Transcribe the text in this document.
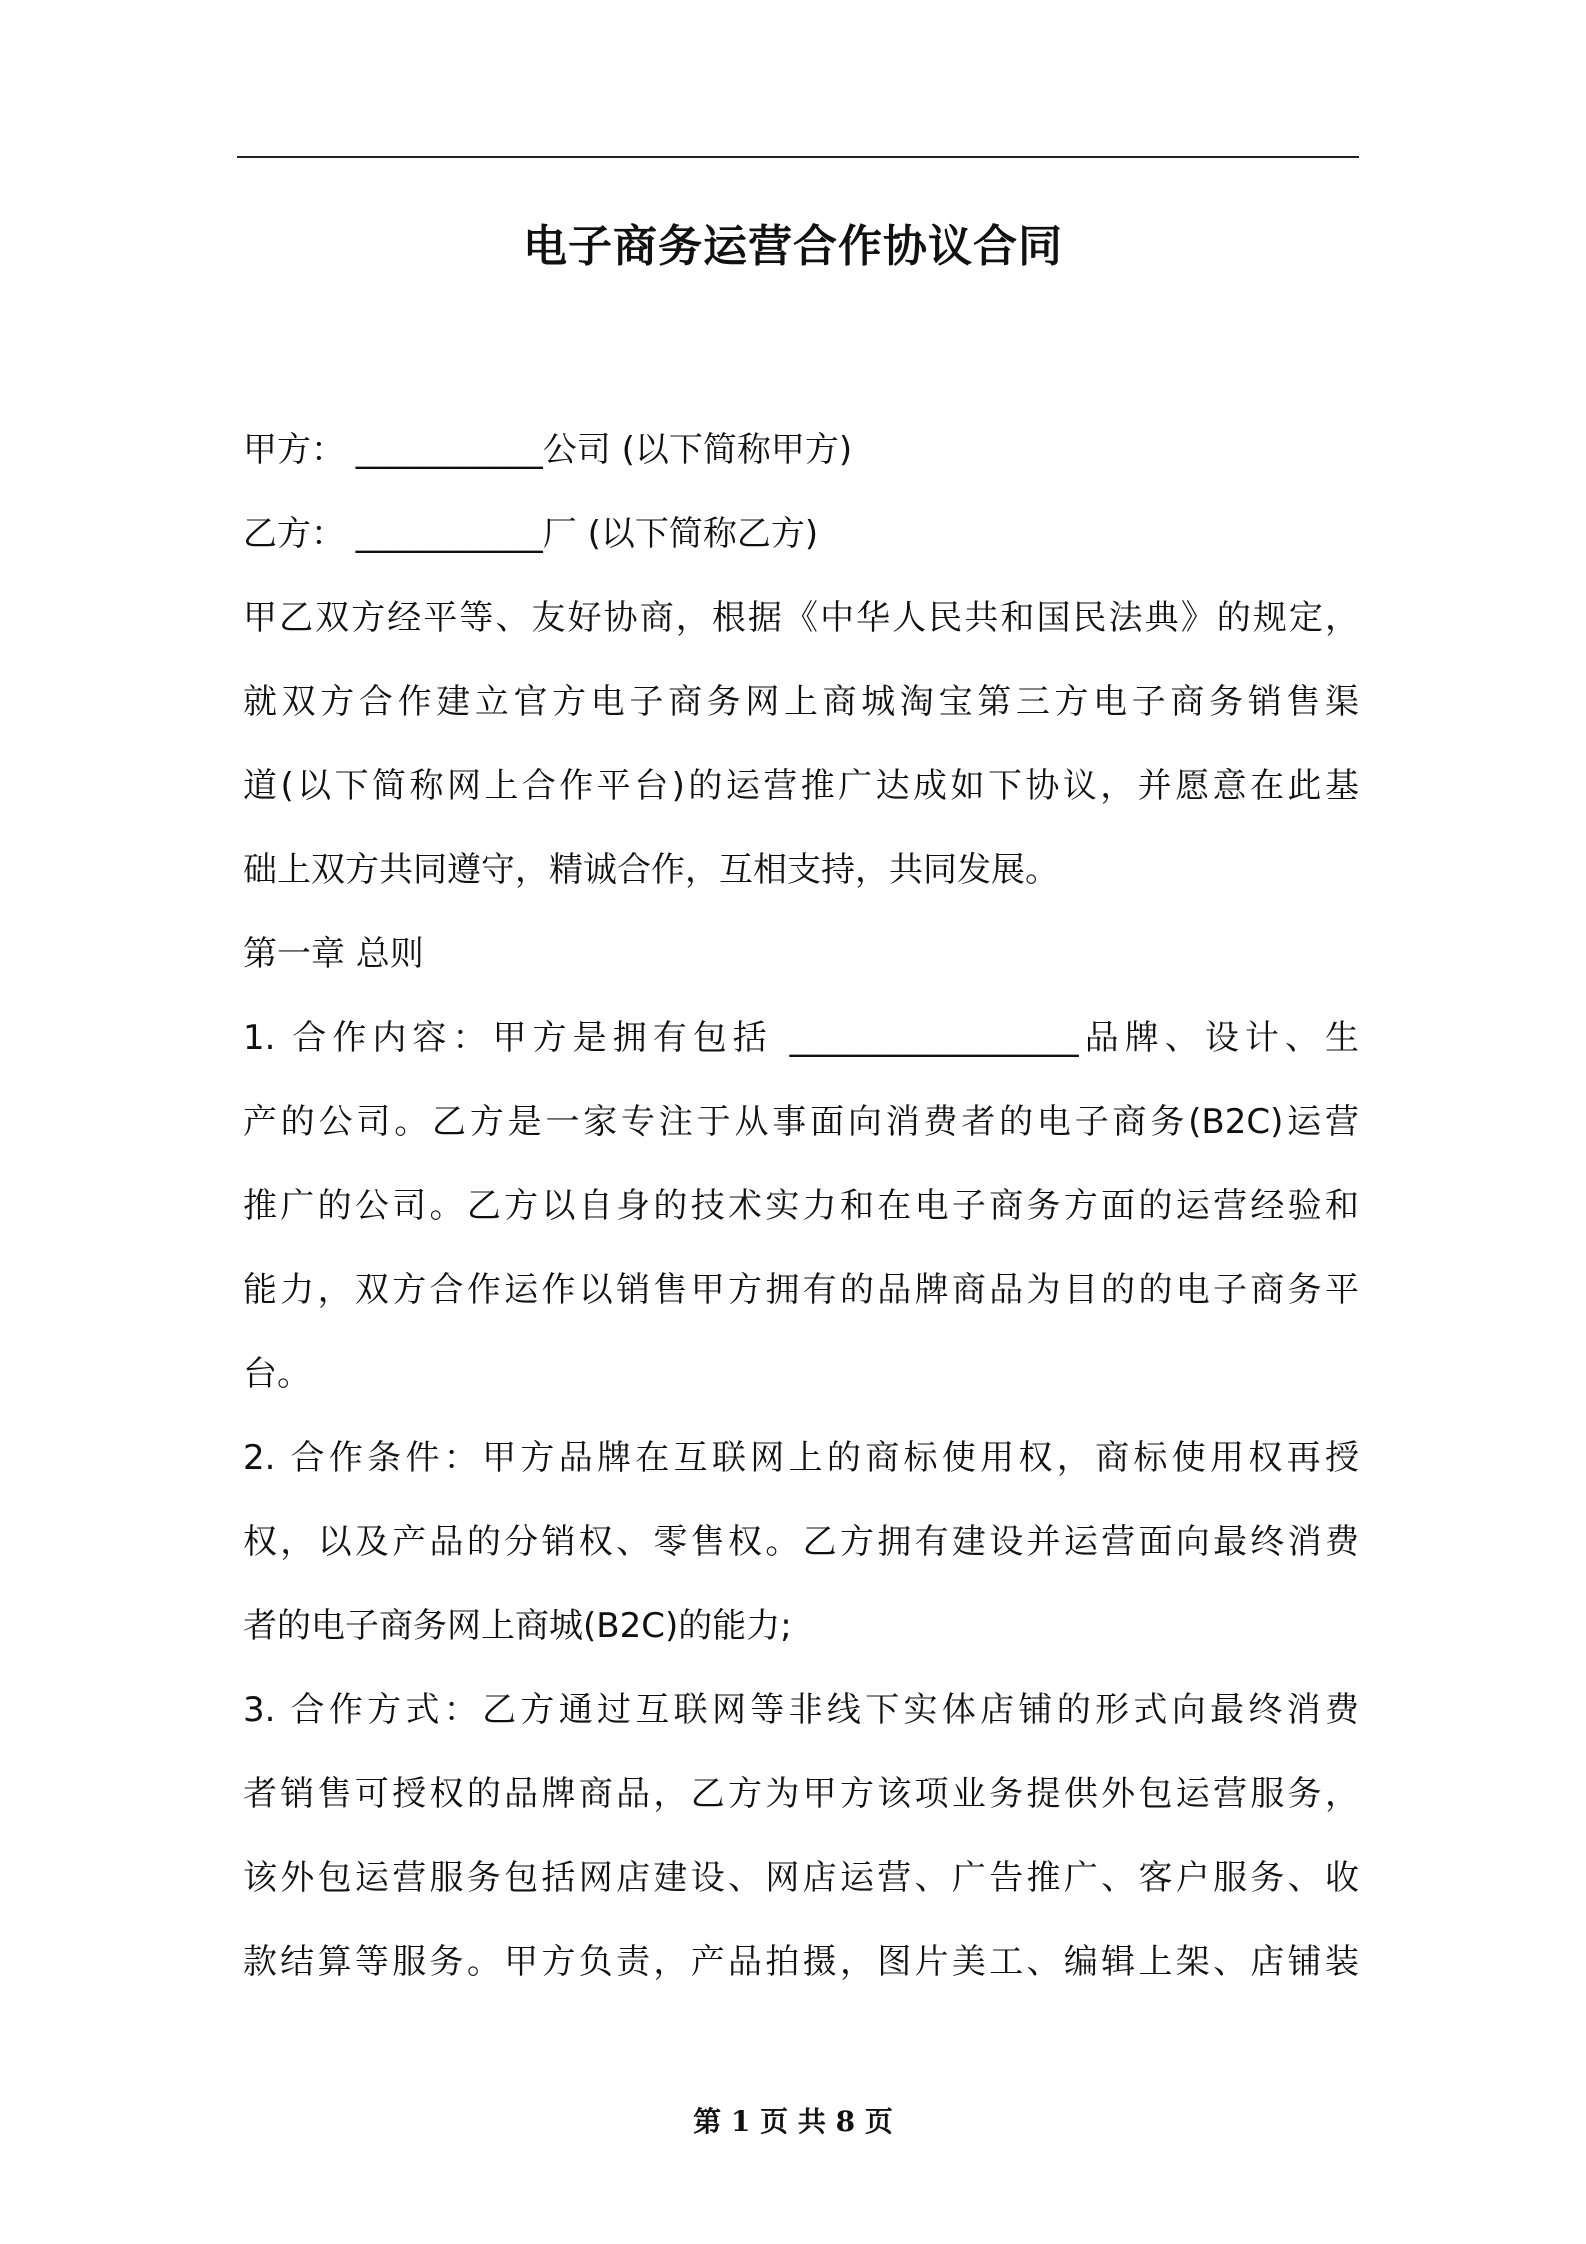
电子商务运营合作协议合同
甲方： ___________公司 (以下简称甲方)
乙方： ___________厂 (以下简称乙方)
甲乙双方经平等、友好协商，根据《中华人民共和国民法典》的规定，
就双方合作建立官方电子商务网上商城淘宝第三方电子商务销售渠
道(以下简称网上合作平台)的运营推广达成如下协议，并愿意在此基
础上双方共同遵守，精诚合作，互相支持，共同发展。
第一章 总则
1. 合作内容：甲方是拥有包括 _________________品牌、设计、生
产的公司。乙方是一家专注于从事面向消费者的电子商务(B2C)运营
推广的公司。乙方以自身的技术实力和在电子商务方面的运营经验和
能力，双方合作运作以销售甲方拥有的品牌商品为目的的电子商务平
台。
2. 合作条件：甲方品牌在互联网上的商标使用权，商标使用权再授
权，以及产品的分销权、零售权。乙方拥有建设并运营面向最终消费
者的电子商务网上商城(B2C)的能力;
3. 合作方式：乙方通过互联网等非线下实体店铺的形式向最终消费
者销售可授权的品牌商品，乙方为甲方该项业务提供外包运营服务，
该外包运营服务包括网店建设、网店运营、广告推广、客户服务、收
款结算等服务。甲方负责，产品拍摄，图片美工、编辑上架、店铺装
第 1 页 共 8 页
